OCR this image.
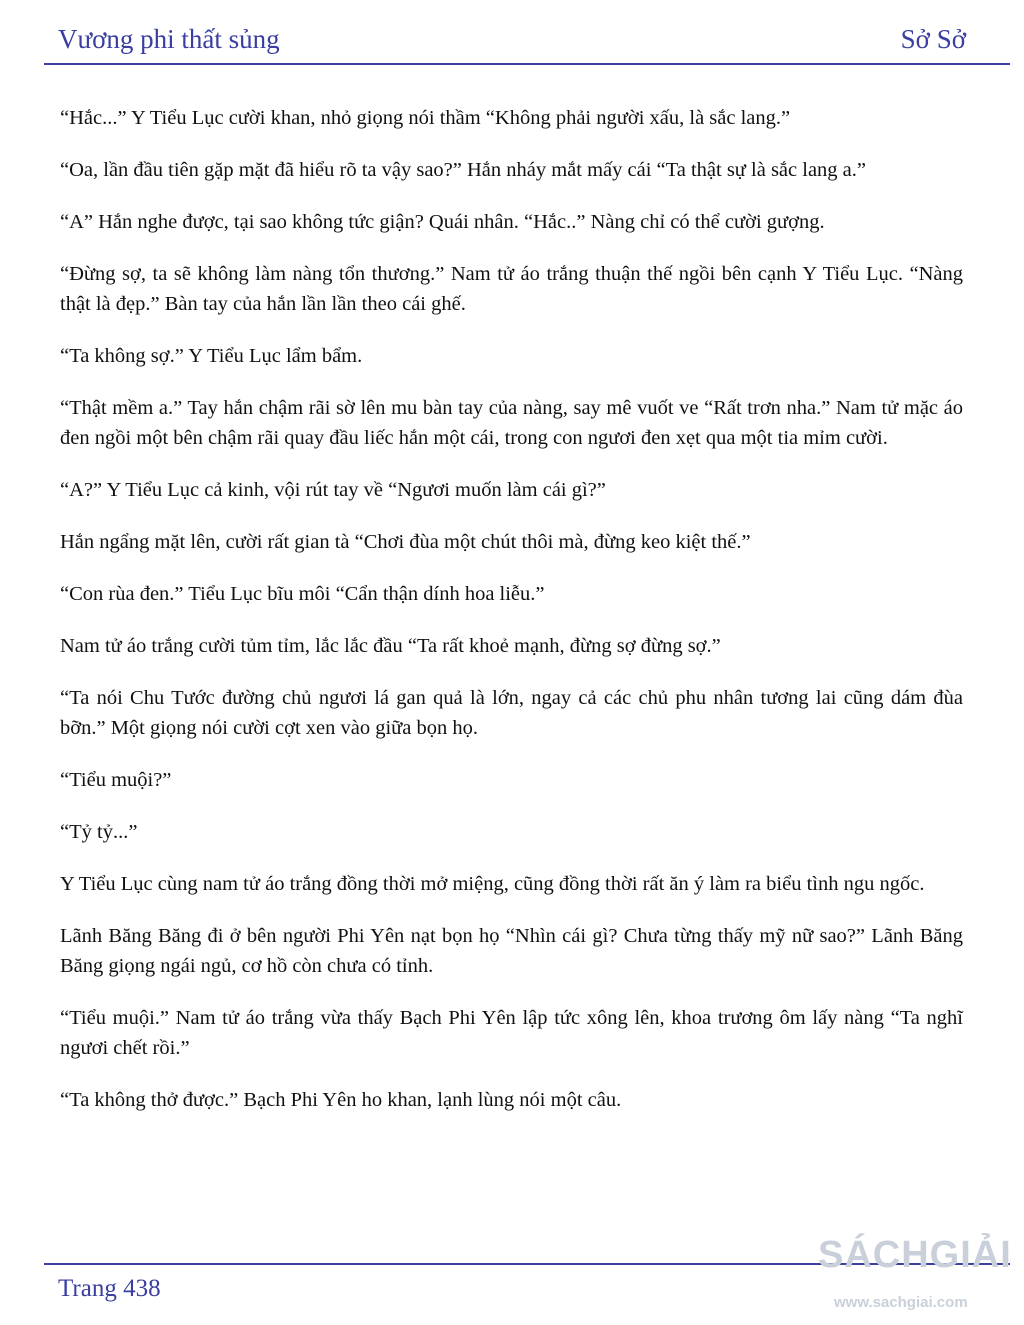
Vương phi thất sủng	Sở Sở

“Hắc...” Y Tiểu Lục cười khan, nhỏ giọng nói thầm “Không phải người xấu, là sắc lang.”

“Oa, lần đầu tiên gặp mặt đã hiểu rõ ta vậy sao?” Hắn nháy mắt mấy cái “Ta thật sự là sắc lang a.”

“A” Hắn nghe được, tại sao không tức giận? Quái nhân. “Hắc..” Nàng chỉ có thể cười gượng.

“Đừng sợ, ta sẽ không làm nàng tổn thương.” Nam tử áo trắng thuận thế ngồi bên cạnh Y Tiểu Lục. “Nàng thật là đẹp.” Bàn tay của hắn lần lần theo cái ghế.

“Ta không sợ.” Y Tiểu Lục lẩm bẩm.

“Thật mềm a.” Tay hắn chậm rãi sờ lên mu bàn tay của nàng, say mê vuốt ve “Rất trơn nha.” Nam tử mặc áo đen ngồi một bên chậm rãi quay đầu liếc hắn một cái, trong con ngươi đen xẹt qua một tia mỉm cười.

“A?” Y Tiểu Lục cả kinh, vội rút tay về “Ngươi muốn làm cái gì?”

Hắn ngẩng mặt lên, cười rất gian tà “Chơi đùa một chút thôi mà, đừng keo kiệt thế.”

“Con rùa đen.” Tiểu Lục bĩu môi “Cẩn thận dính hoa liễu.”

Nam tử áo trắng cười tủm tỉm, lắc lắc đầu “Ta rất khoẻ mạnh, đừng sợ đừng sợ.”

“Ta nói Chu Tước đường chủ ngươi lá gan quả là lớn, ngay cả các chủ phu nhân tương lai cũng dám đùa bỡn.” Một giọng nói cười cợt xen vào giữa bọn họ.

“Tiểu muội?”

“Tỷ tỷ...”

Y Tiểu Lục cùng nam tử áo trắng đồng thời mở miệng, cũng đồng thời rất ăn ý làm ra biểu tình ngu ngốc.

Lãnh Băng Băng đi ở bên người Phi Yên nạt bọn họ “Nhìn cái gì? Chưa từng thấy mỹ nữ sao?” Lãnh Băng Băng giọng ngái ngủ, cơ hồ còn chưa có tỉnh.

“Tiểu muội.” Nam tử áo trắng vừa thấy Bạch Phi Yên lập tức xông lên, khoa trương ôm lấy nàng “Ta nghĩ ngươi chết rồi.”

“Ta không thở được.” Bạch Phi Yên ho khan, lạnh lùng nói một câu.

Trang 438
SÁCHGIẢI
www.sachgiai.com
